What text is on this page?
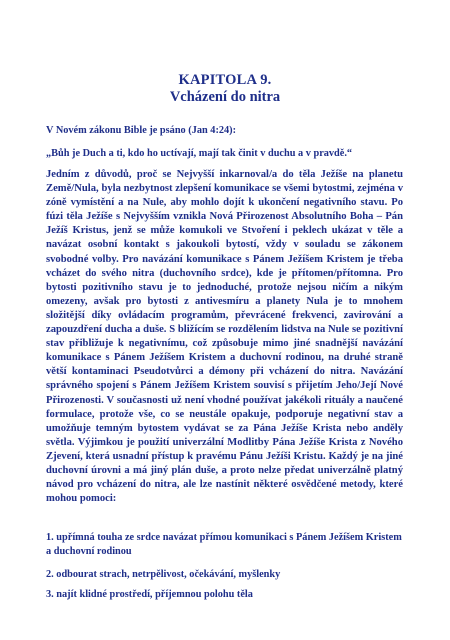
KAPITOLA 9.
Vcházení do nitra
V Novém zákonu Bible je psáno (Jan 4:24):
„Bůh je Duch a ti, kdo ho uctívají, mají tak činit v duchu a v pravdě.“
Jedním z důvodů, proč se Nejvyšší inkarnoval/a do těla Ježíše na planetu Země/Nula, byla nezbytnost zlepšení komunikace se všemi bytostmi, zejména v zóně vymístění a na Nule, aby mohlo dojít k ukončení negativního stavu. Po fúzi těla Ježíše s Nejvyšším vznikla Nová Přirozenost Absolutního Boha – Pán Ježíš Kristus, jenž se může komukoli ve Stvoření i peklech ukázat v těle a navázat osobní kontakt s jakoukoli bytostí, vždy v souladu se zákonem svobodné volby. Pro navázání komunikace s Pánem Ježíšem Kristem je třeba vcházet do svého nitra (duchovního srdce), kde je přítomen/přítomna. Pro bytosti pozitivního stavu je to jednoduché, protože nejsou ničím a nikým omezeny, avšak pro bytosti z antivesmíru a planety Nula je to mnohem složitější díky ovládacím programům, převrácené frekvenci, zavirování a zapouzdření ducha a duše. S bližícím se rozdělením lidstva na Nule se pozitivní stav přibližuje k negativnímu, což způsobuje mimo jiné snadnější navázání komunikace s Pánem Ježíšem Kristem a duchovní rodinou, na druhé straně větší kontaminaci Pseudotvůrci a démony při vcházení do nitra. Navázání správného spojení s Pánem Ježíšem Kristem souvisí s přijetím Jeho/Její Nové Přirozenosti. V současnosti už není vhodné používat jakékoli rituály a naučené formulace, protože vše, co se neustále opakuje, podporuje negativní stav a umožňuje temným bytostem vydávat se za Pána Ježíše Krista nebo anděly světla. Výjimkou je použití univerzální Modlitby Pána Ježíše Krista z Nového Zjevení, která usnadní přístup k pravému Pánu Ježíši Kristu. Každý je na jiné duchovní úrovni a má jiný plán duše, a proto nelze předat univerzálně platný návod pro vcházení do nitra, ale lze nastínit některé osvědčené metody, které mohou pomoci:
1. upřímná touha ze srdce navázat přímou komunikaci s Pánem Ježíšem Kristem a duchovní rodinou
2. odbourat strach, netrpělivost, očekávání, myšlenky
3. najít klidné prostředí, příjemnou polohu těla
